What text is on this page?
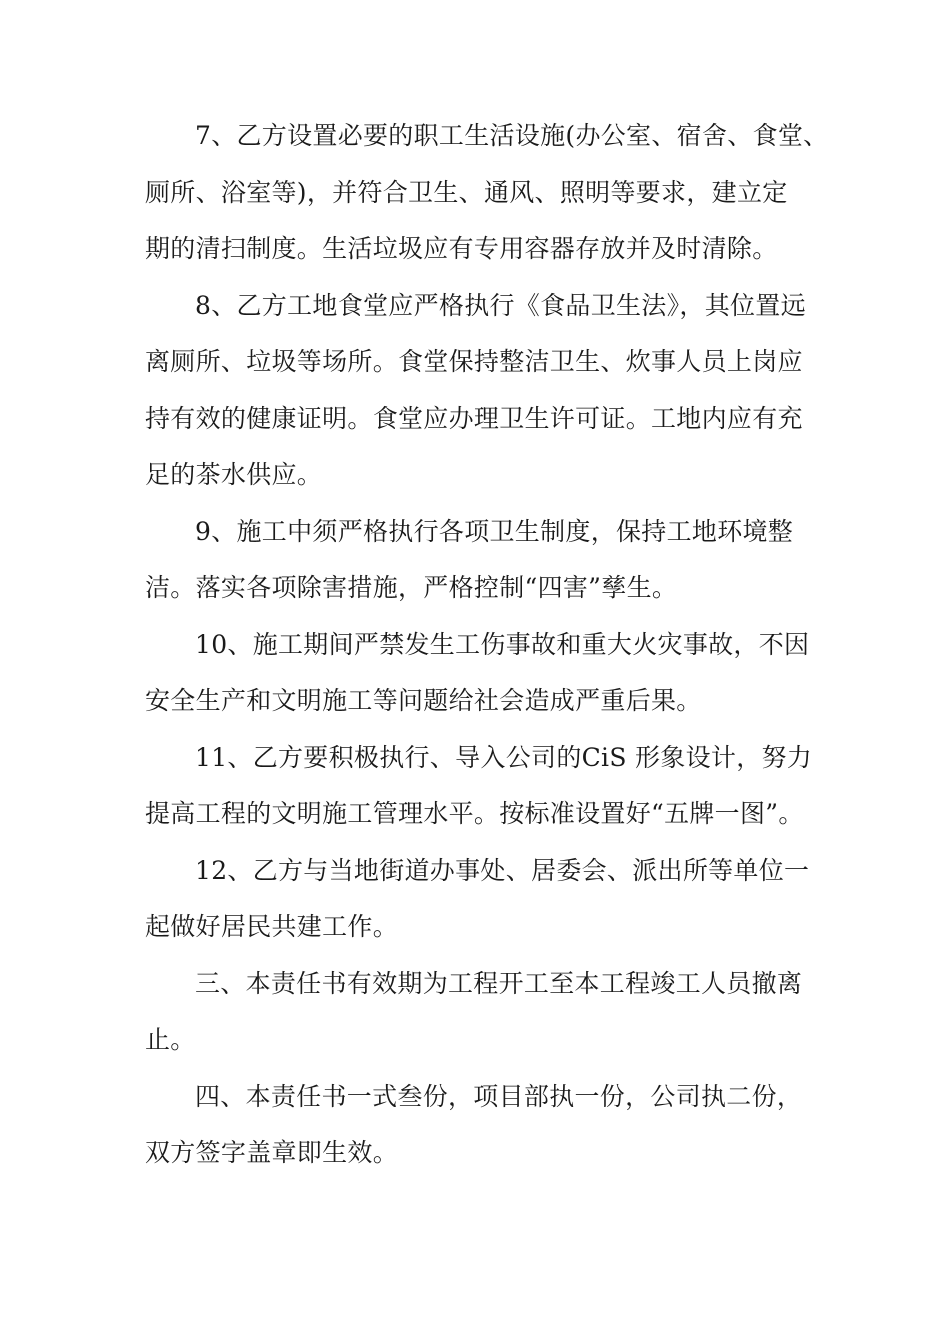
7、乙方设置必要的职工生活设施(办公室、宿舍、食堂、
厕所、浴室等)，并符合卫生、通风、照明等要求，建立定
期的清扫制度。生活垃圾应有专用容器存放并及时清除。
8、乙方工地食堂应严格执行《食品卫生法》，其位置远
离厕所、垃圾等场所。食堂保持整洁卫生、炊事人员上岗应
持有效的健康证明。食堂应办理卫生许可证。工地内应有充
足的茶水供应。
9、施工中须严格执行各项卫生制度，保持工地环境整
洁。落实各项除害措施，严格控制“四害”孳生。
10、施工期间严禁发生工伤事故和重大火灾事故，不因
安全生产和文明施工等问题给社会造成严重后果。
11、乙方要积极执行、导入公司的CiS 形象设计，努力
提高工程的文明施工管理水平。按标准设置好“五牌一图”。
12、乙方与当地街道办事处、居委会、派出所等单位一
起做好居民共建工作。
三、本责任书有效期为工程开工至本工程竣工人员撤离
止。
四、本责任书一式叁份，项目部执一份，公司执二份，
双方签字盖章即生效。
